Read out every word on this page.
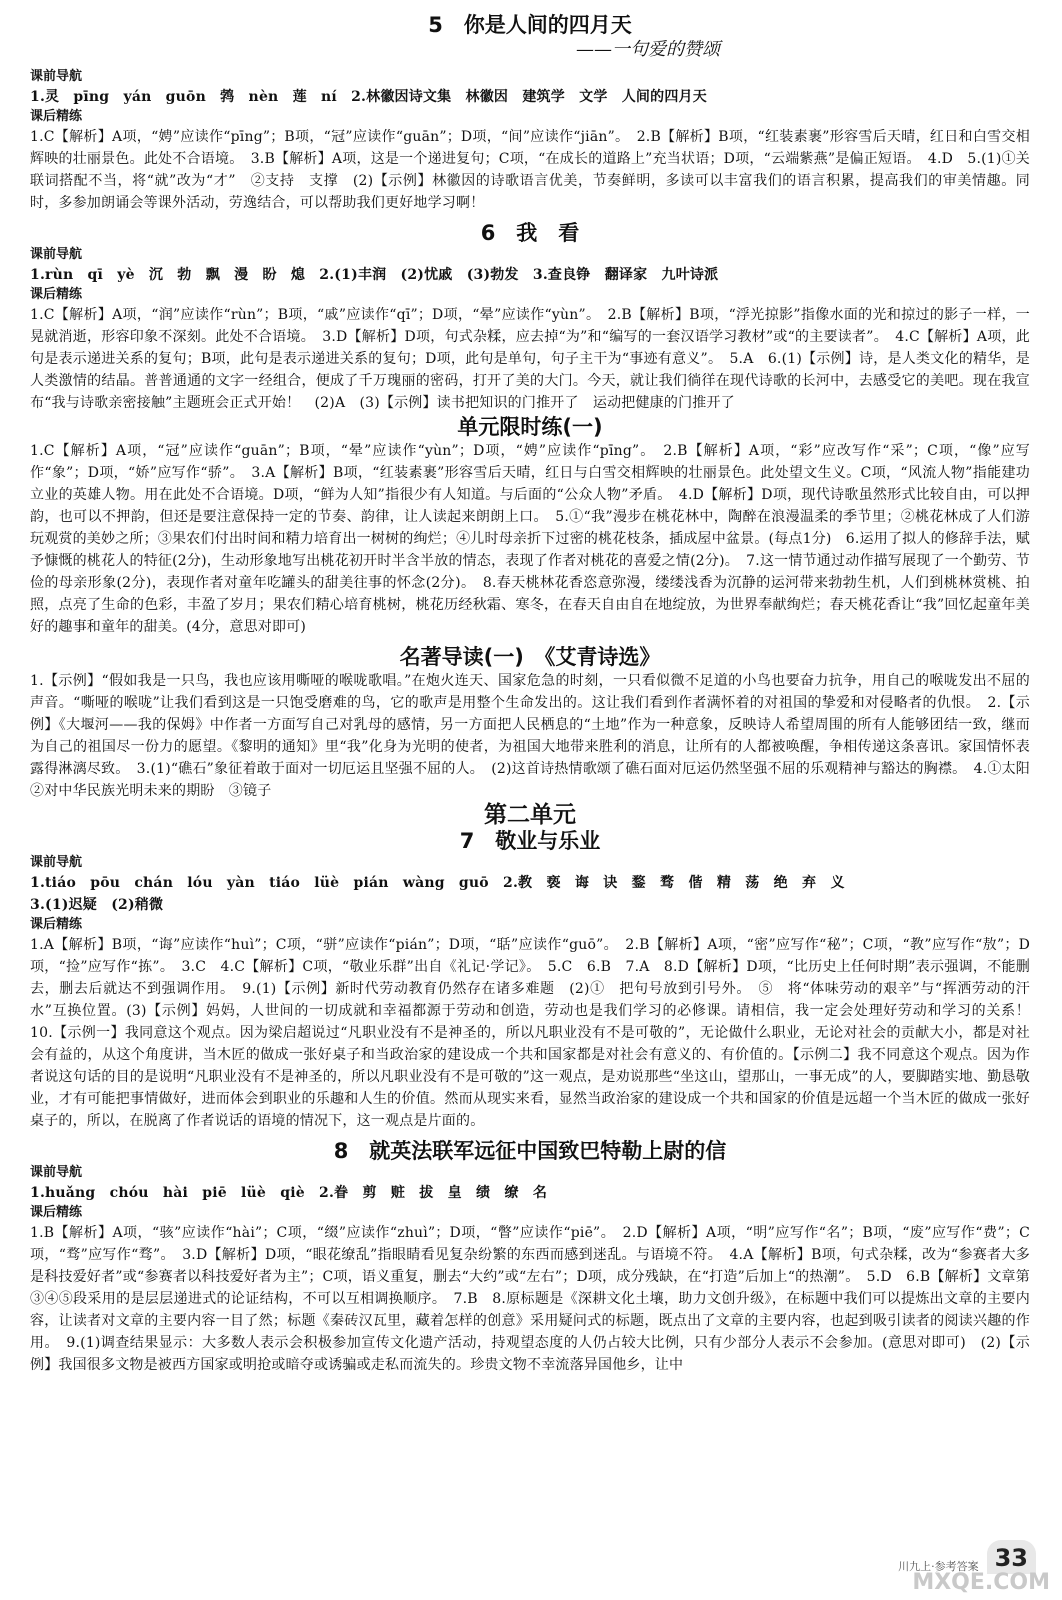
5　你是人间的四月天

——一句爱的赞颂

课前导航

1.灵　pīng　yán　guōn　鹁　nèn　莲　ní　2.林徽因诗文集　林徽因　建筑学　文学　人间的四月天

课后精练

1.C【解析】A项，“娉”应读作“pīng”；B项，“冠”应读作“guān”；D项，“间”应读作“jiān”。　2.B【解析】B项，“红装素裹”形容雪后天晴，红日和白雪交相辉映的壮丽景色。此处不合语境。　3.B【解析】A项，这是一个递进复句；C项，“在成长的道路上”充当状语；D项，“云端紫燕”是偏正短语。　4.D　5.(1)①关联词搭配不当，将“就”改为“才”　②支持　支撑　(2)【示例】林徽因的诗歌语言优美，节奏鲜明，多读可以丰富我们的语言积累，提高我们的审美情趣。同时，多参加朗诵会等课外活动，劳逸结合，可以帮助我们更好地学习啊！

6　我　看

课前导航

1.rùn　qī　yè　沉　勃　飘　漫　盼　熄　2.(1)丰润　(2)忧戚　(3)勃发　3.查良铮　翻译家　九叶诗派

课后精练

1.C【解析】A项，“润”应读作“rùn”；B项，“戚”应读作“qī”；D项，“晕”应读作“yùn”。　2.B【解析】B项，“浮光掠影”指像水面的光和掠过的影子一样，一晃就消逝，形容印象不深刻。此处不合语境。　3.D【解析】D项，句式杂糅，应去掉“为”和“编写的一套汉语学习教材”或“的主要读者”。　4.C【解析】A项，此句是表示递进关系的复句；B项，此句是表示递进关系的复句；D项，此句是单句，句子主干为“事迹有意义”。　5.A　6.(1)【示例】诗，是人类文化的精华，是人类激情的结晶。普普通通的文字一经组合，便成了千万瑰丽的密码，打开了美的大门。今天，就让我们徜徉在现代诗歌的长河中，去感受它的美吧。现在我宣布“我与诗歌亲密接触”主题班会正式开始！　(2)A　(3)【示例】读书把知识的门推开了　运动把健康的门推开了

单元限时练(一)

1.C【解析】A项，“冠”应读作“guān”；B项，“晕”应读作“yùn”；D项，“娉”应读作“pīng”。　2.B【解析】A项，“彩”应改写作“采”；C项，“像”应写作“象”；D项，“娇”应写作“骄”。　3.A【解析】B项，“红装素裹”形容雪后天晴，红日与白雪交相辉映的壮丽景色。此处望文生义。C项，“风流人物”指能建功立业的英雄人物。用在此处不合语境。D项，“鲜为人知”指很少有人知道。与后面的“公众人物”矛盾。　4.D【解析】D项，现代诗歌虽然形式比较自由，可以押韵，也可以不押韵，但还是要注意保持一定的节奏、韵律，让人读起来朗朗上口。　5.①“我”漫步在桃花林中，陶醉在浪漫温柔的季节里；②桃花林成了人们游玩观赏的美妙之所；③果农们付出时间和精力培育出一树树的绚烂；④儿时母亲折下过密的桃花枝条，插成屋中盆景。(每点1分)　6.运用了拟人的修辞手法，赋予慷慨的桃花人的特征(2分)，生动形象地写出桃花初开时半含半放的情态，表现了作者对桃花的喜爱之情(2分)。　7.这一情节通过动作描写展现了一个勤劳、节俭的母亲形象(2分)，表现作者对童年吃罐头的甜美往事的怀念(2分)。　8.春天桃林花香恣意弥漫，缕缕浅香为沉静的运河带来勃勃生机，人们到桃林赏桃、拍照，点亮了生命的色彩，丰盈了岁月；果农们精心培育桃树，桃花历经秋霜、寒冬，在春天自由自在地绽放，为世界奉献绚烂；春天桃花香让“我”回忆起童年美好的趣事和童年的甜美。(4分，意思对即可)

名著导读(一)　《艾青诗选》

1.【示例】“假如我是一只鸟，我也应该用嘶哑的喉咙歌唱。”在炮火连天、国家危急的时刻，一只看似微不足道的小鸟也要奋力抗争，用自己的喉咙发出不屈的声音。“嘶哑的喉咙”让我们看到这是一只饱受磨难的鸟，它的歌声是用整个生命发出的。这让我们看到作者满怀着的对祖国的挚爱和对侵略者的仇恨。　2.【示例】《大堰河——我的保姆》中作者一方面写自己对乳母的感情，另一方面把人民栖息的“土地”作为一种意象，反映诗人希望周围的所有人能够团结一致，继而为自己的祖国尽一份力的愿望。《黎明的通知》里“我”化身为光明的使者，为祖国大地带来胜利的消息，让所有的人都被唤醒，争相传递这条喜讯。家国情怀表露得淋漓尽致。　3.(1)“礁石”象征着敢于面对一切厄运且坚强不屈的人。　(2)这首诗热情歌颂了礁石面对厄运仍然坚强不屈的乐观精神与豁达的胸襟。　4.①太阳　②对中华民族光明未来的期盼　③镜子

第二单元
7　敬业与乐业

课前导航

1.tiáo　pōu　chán　lóu　yàn　tiáo　lüè　pián　wàng　guō　2.教　亵　诲　诀　鍪　骛　偕　精　荡　绝　弃　义

3.(1)迟疑　(2)稍微

课后精练

1.A【解析】B项，“诲”应读作“huì”；C项，“骈”应读作“pián”；D项，“聒”应读作“guō”。　2.B【解析】A项，“密”应写作“秘”；C项，“教”应写作“敖”；D项，“捡”应写作“拣”。　3.C　4.C【解析】C项，“敬业乐群”出自《礼记·学记》。　5.C　6.B　7.A　8.D【解析】D项，“比历史上任何时期”表示强调，不能删去，删去后就达不到强调作用。　9.(1)【示例】新时代劳动教育仍然存在诸多难题　(2)①　把句号放到引号外。　⑤　将“体味劳动的艰辛”与“挥洒劳动的汗水”互换位置。(3)【示例】妈妈，人世间的一切成就和幸福都源于劳动和创造，劳动也是我们学习的必修课。请相信，我一定会处理好劳动和学习的关系！　10.【示例一】我同意这个观点。因为梁启超说过“凡职业没有不是神圣的，所以凡职业没有不是可敬的”，无论做什么职业，无论对社会的贡献大小，都是对社会有益的，从这个角度讲，当木匠的做成一张好桌子和当政治家的建设成一个共和国家都是对社会有意义的、有价值的。【示例二】我不同意这个观点。因为作者说这句话的目的是说明“凡职业没有不是神圣的，所以凡职业没有不是可敬的”这一观点，是劝说那些“坐这山，望那山，一事无成”的人，要脚踏实地、勤恳敬业，才有可能把事情做好，进而体会到职业的乐趣和人生的价值。然而从现实来看，显然当政治家的建设成一个共和国家的价值是远超一个当木匠的做成一张好桌子的，所以，在脱离了作者说话的语境的情况下，这一观点是片面的。

8　就英法联军远征中国致巴特勒上尉的信

课前导航

1.huǎng　chóu　hài　piē　lüè　qiè　2.眷　剪　赃　拔　皇　绩　缭　名

课后精练

1.B【解析】A项，“骇”应读作“hài”；C项，“缀”应读作“zhuì”；D项，“瞥”应读作“piē”。　2.D【解析】A项，“明”应写作“名”；B项，“废”应写作“费”；C项，“骛”应写作“骛”。　3.D【解析】D项，“眼花缭乱”指眼睛看见复杂纷繁的东西而感到迷乱。与语境不符。　4.A【解析】B项，句式杂糅，改为“参赛者大多是科技爱好者”或“参赛者以科技爱好者为主”；C项，语义重复，删去“大约”或“左右”；D项，成分残缺，在“打造”后加上“的热潮”。　5.D　6.B【解析】文章第③④⑤段采用的是层层递进式的论证结构，不可以互相调换顺序。　7.B　8.原标题是《深耕文化土壤，助力文创升级》，在标题中我们可以提炼出文章的主要内容，让读者对文章的主要内容一目了然；标题《秦砖汉瓦里，藏着怎样的创意》采用疑问式的标题，既点出了文章的主要内容，也起到吸引读者的阅读兴趣的作用。　9.(1)调查结果显示：大多数人表示会积极参加宣传文化遗产活动，持观望态度的人仍占较大比例，只有少部分人表示不会参加。(意思对即可)　(2)【示例】我国很多文物是被西方国家或明抢或暗夺或诱骗或走私而流失的。珍贵文物不幸流落异国他乡，让中

川九上·参考答案 33
MXQE.COM
